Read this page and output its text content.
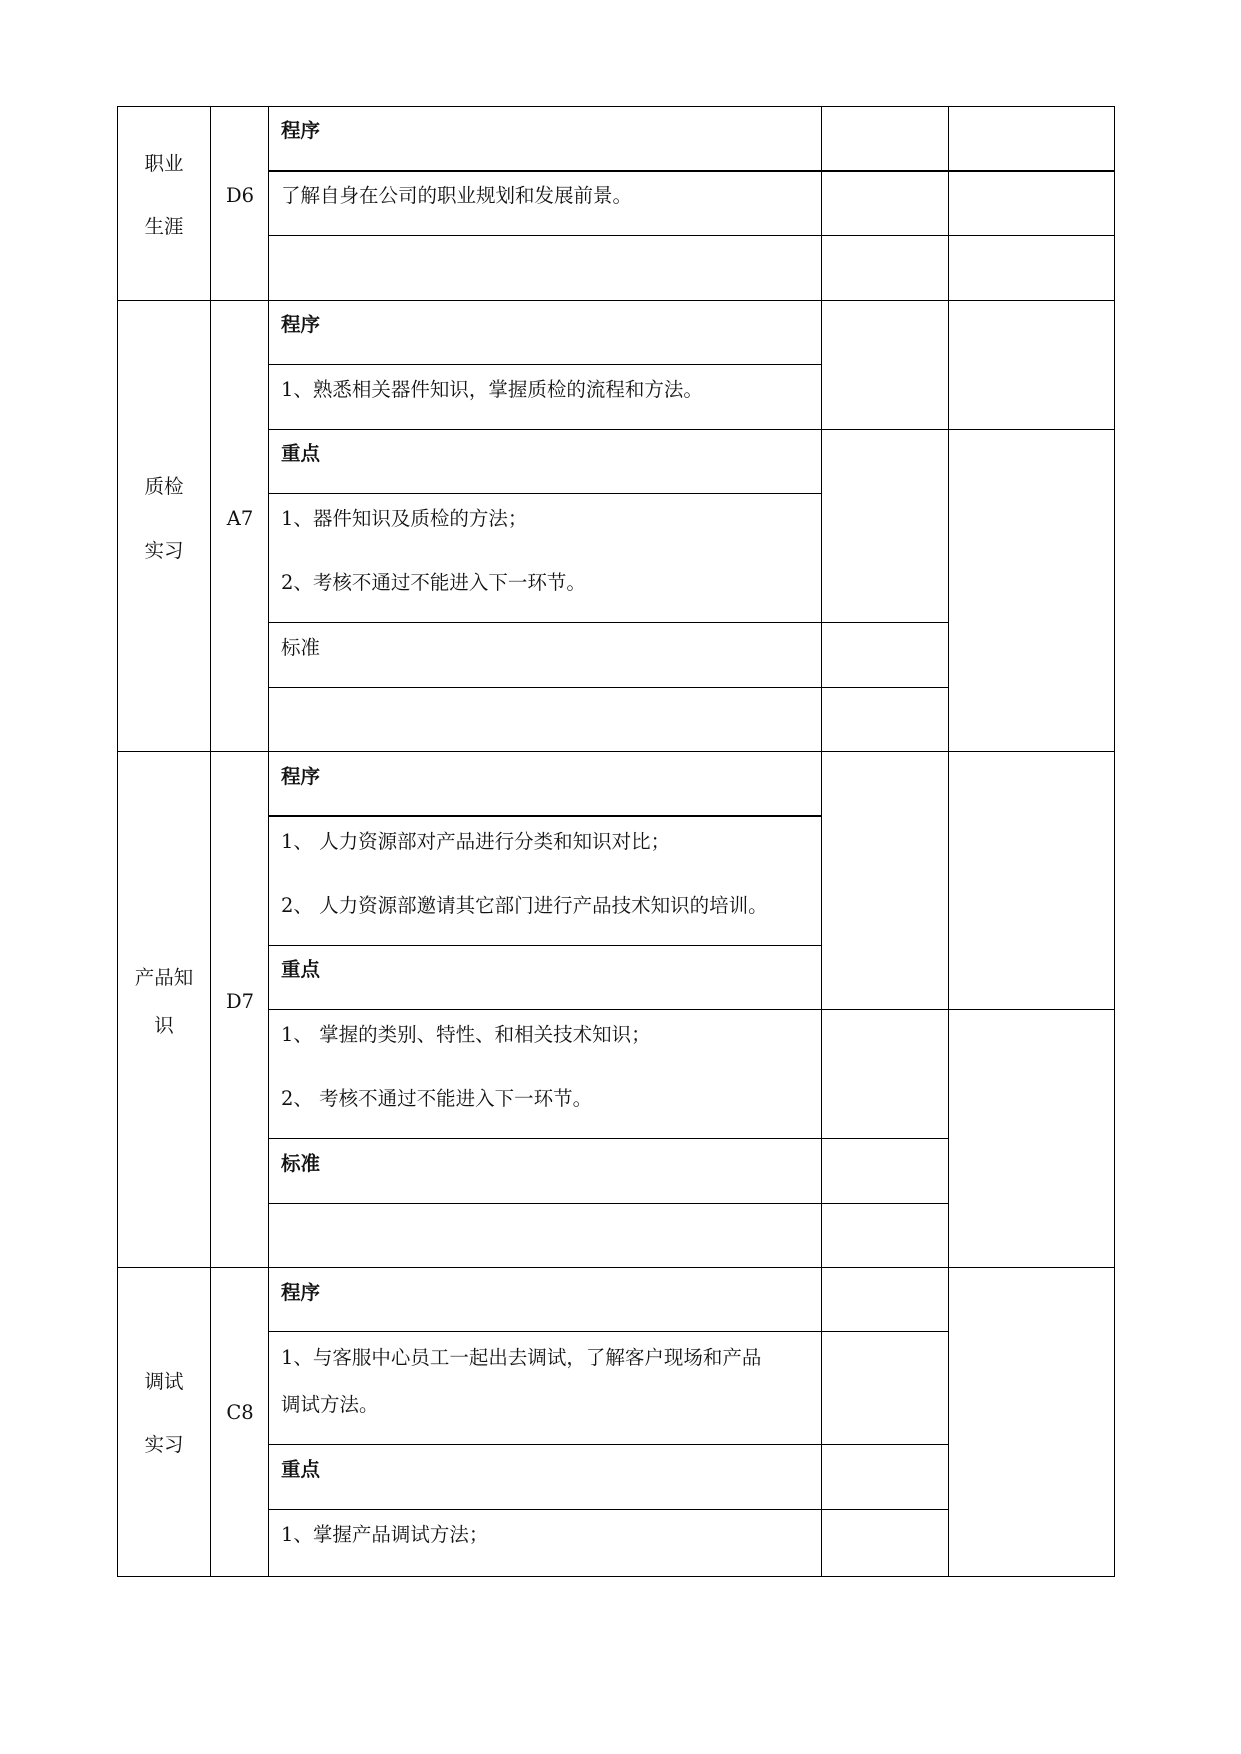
职业
生涯
D6
程序
了解自身在公司的职业规划和发展前景。
质检
实习
A7
程序
1、熟悉相关器件知识，掌握质检的流程和方法。
重点
1、器件知识及质检的方法；
2、考核不通过不能进入下一环节。
标准
产品知
识
D7
程序
1、 人力资源部对产品进行分类和知识对比；
2、 人力资源部邀请其它部门进行产品技术知识的培训。
重点
1、 掌握的类别、特性、和相关技术知识；
2、 考核不通过不能进入下一环节。
标准
调试
实习
C8
程序
1、与客服中心员工一起出去调试，了解客户现场和产品
调试方法。
重点
1、掌握产品调试方法；
